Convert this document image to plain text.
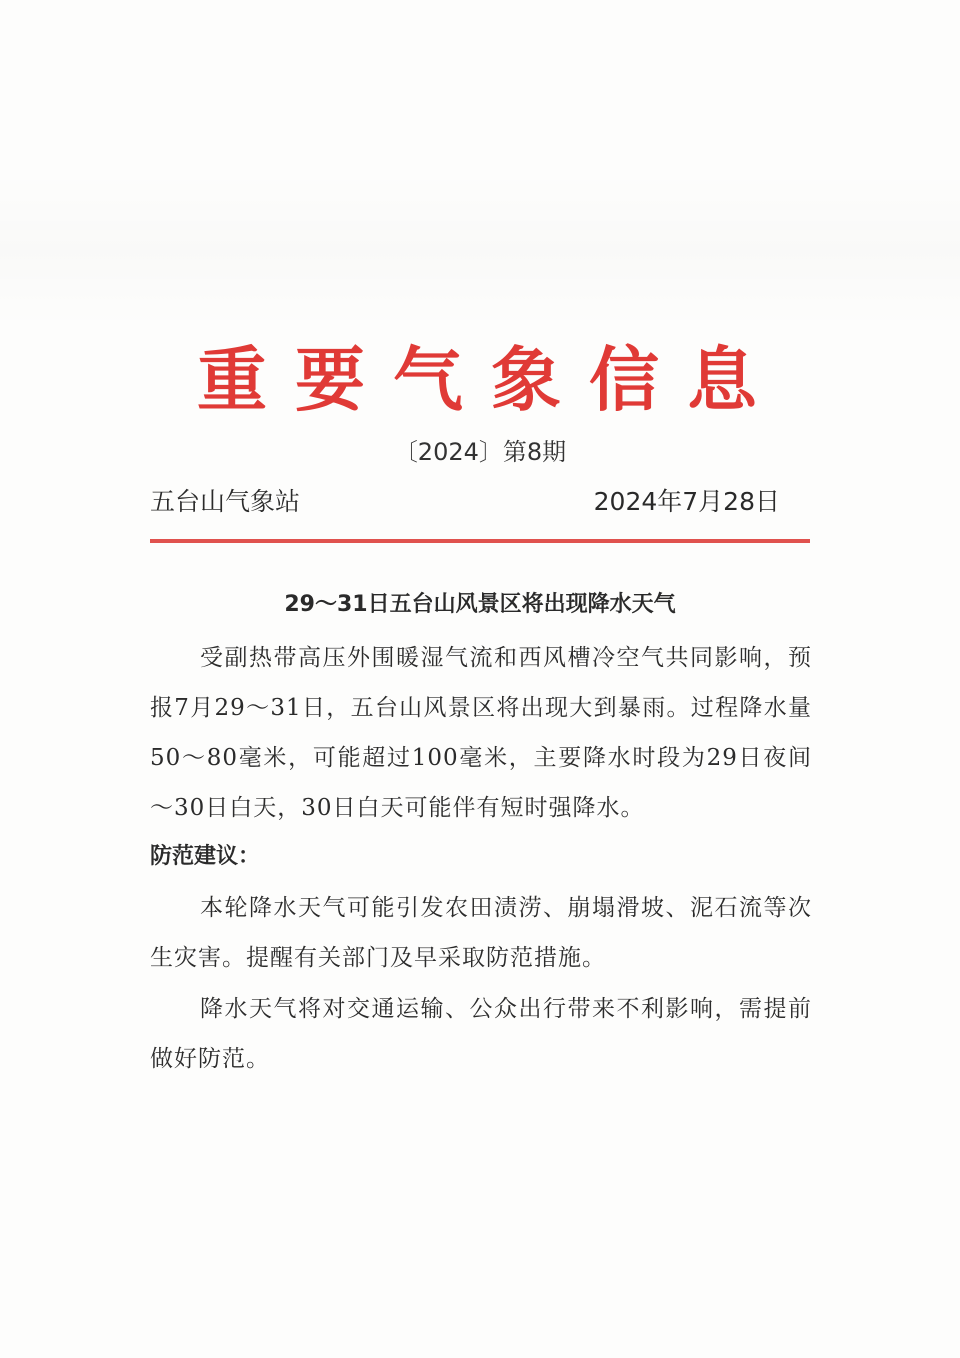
重要气象信息
〔2024〕第8期
五台山气象站	2024年7月28日
29～31日五台山风景区将出现降水天气
受副热带高压外围暖湿气流和西风槽冷空气共同影响，预报7月29～31日，五台山风景区将出现大到暴雨。过程降水量50～80毫米，可能超过100毫米，主要降水时段为29日夜间～30日白天，30日白天可能伴有短时强降水。
防范建议：
本轮降水天气可能引发农田渍涝、崩塌滑坡、泥石流等次生灾害。提醒有关部门及早采取防范措施。
降水天气将对交通运输、公众出行带来不利影响，需提前做好防范。
